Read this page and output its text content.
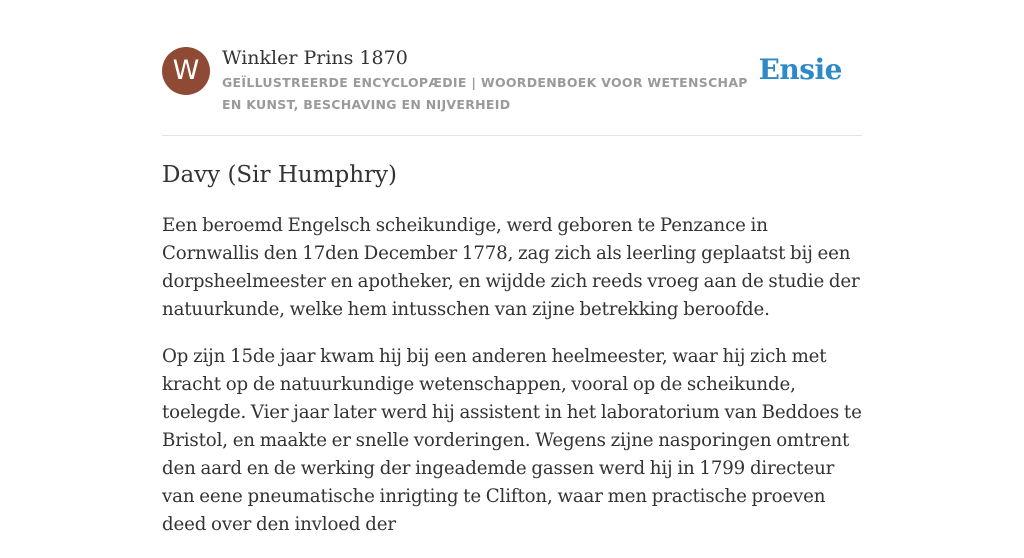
W	Winkler Prins 1870
GEÏLLUSTREERDE ENCYCLOPÆDIE | WOORDENBOEK VOOR WETENSCHAP EN KUNST, BESCHAVING EN NIJVERHEID
Ensie
Davy (Sir Humphry)

Een beroemd Engelsch scheikundige, werd geboren te Penzance in Cornwallis den 17den December 1778, zag zich als leerling geplaatst bij een dorpsheelmeester en apotheker, en wijdde zich reeds vroeg aan de studie der natuurkunde, welke hem intusschen van zijne betrekking beroofde.

Op zijn 15de jaar kwam hij bij een anderen heelmeester, waar hij zich met kracht op de natuurkundige wetenschappen, vooral op de scheikunde, toelegde. Vier jaar later werd hij assistent in het laboratorium van Beddoes te Bristol, en maakte er snelle vorderingen. Wegens zijne nasporingen omtrent den aard en de werking der ingeademde gassen werd hij in 1799 directeur van eene pneumatische inrigting te Clifton, waar men practische proeven deed over den invloed der
